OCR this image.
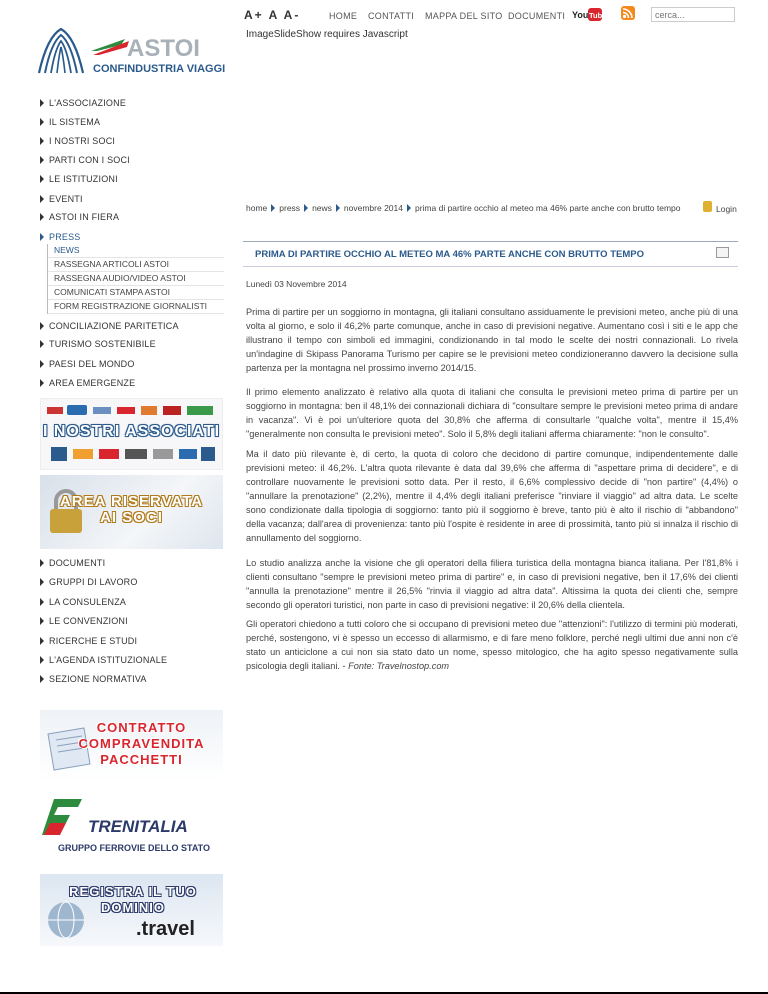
A+ A A-	HOME CONTATTI MAPPA DEL SITO DOCUMENTI You Tube
cerca...
ImageSlideShow requires Javascript
ASTOI
CONFINDUSTRIA VIAGGI
L'ASSOCIAZIONE
IL SISTEMA
I NOSTRI SOCI
PARTI CON I SOCI
LE ISTITUZIONI
EVENTI
ASTOI IN FIERA
PRESS
NEWS
RASSEGNA ARTICOLI ASTOI
RASSEGNA AUDIO/VIDEO ASTOI
COMUNICATI STAMPA ASTOI
FORM REGISTRAZIONE GIORNALISTI
CONCILIAZIONE PARITETICA
TURISMO SOSTENIBILE
PAESI DEL MONDO
AREA EMERGENZE
I NOSTRI ASSOCIATI
AREA RISERVATA
AI SOCI
DOCUMENTI
GRUPPI DI LAVORO
LA CONSULENZA
LE CONVENZIONI
RICERCHE E STUDI
L'AGENDA ISTITUZIONALE
SEZIONE NORMATIVA
CONTRATTO
COMPRAVENDITA
PACCHETTI
TRENITALIA
GRUPPO FERROVIE DELLO STATO
REGISTRA IL TUO
DOMINIO
.travel
home press news novembre 2014 prima di partire occhio al meteo ma 46% parte anche con brutto tempo	Login
PRIMA DI PARTIRE OCCHIO AL METEO MA 46% PARTE ANCHE CON BRUTTO TEMPO
Lunedì 03 Novembre 2014

Prima di partire per un soggiorno in montagna, gli italiani consultano assiduamente le previsioni meteo, anche più di una volta al giorno, e solo il 46,2% parte comunque, anche in caso di previsioni negative. Aumentano così i siti e le app che illustrano il tempo con simboli ed immagini, condizionando in tal modo le scelte dei nostri connazionali. Lo rivela un'indagine di Skipass Panorama Turismo per capire se le previsioni meteo condizioneranno davvero la decisione sulla partenza per la montagna nel prossimo inverno 2014/15.

Il primo elemento analizzato è relativo alla quota di italiani che consulta le previsioni meteo prima di partire per un soggiorno in montagna: ben il 48,1% dei connazionali dichiara di "consultare sempre le previsioni meteo prima di andare in vacanza". Vi è poi un'ulteriore quota del 30,8% che afferma di consultarle "qualche volta", mentre il 15,4% "generalmente non consulta le previsioni meteo". Solo il 5,8% degli italiani afferma chiaramente: "non le consulto".

Ma il dato più rilevante è, di certo, la quota di coloro che decidono di partire comunque, indipendentemente dalle previsioni meteo: il 46,2%. L'altra quota rilevante è data dal 39,6% che afferma di "aspettare prima di decidere", e di controllare nuovamente le previsioni sotto data. Per il resto, il 6,6% complessivo decide di "non partire" (4,4%) o "annullare la prenotazione" (2,2%), mentre il 4,4% degli italiani preferisce "rinviare il viaggio" ad altra data. Le scelte sono condizionate dalla tipologia di soggiorno: tanto più il soggiorno è breve, tanto più è alto il rischio di "abbandono" della vacanza; dall'area di provenienza: tanto più l'ospite è residente in aree di prossimità, tanto più si innalza il rischio di annullamento del soggiorno.

Lo studio analizza anche la visione che gli operatori della filiera turistica della montagna bianca italiana. Per l'81,8% i clienti consultano "sempre le previsioni meteo prima di partire" e, in caso di previsioni negative, ben il 17,6% dei clienti "annulla la prenotazione" mentre il 26,5% "rinvia il viaggio ad altra data". Altissima la quota dei clienti che, sempre secondo gli operatori turistici, non parte in caso di previsioni negative: il 20,6% della clientela.

Gli operatori chiedono a tutti coloro che si occupano di previsioni meteo due "attenzioni": l'utilizzo di termini più moderati, perché, sostengono, vi è spesso un eccesso di allarmismo, e di fare meno folklore, perché negli ultimi due anni non c'è stato un anticiclone a cui non sia stato dato un nome, spesso mitologico, che ha agito spesso negativamente sulla psicologia degli italiani. - Fonte: Travelnostop.com
